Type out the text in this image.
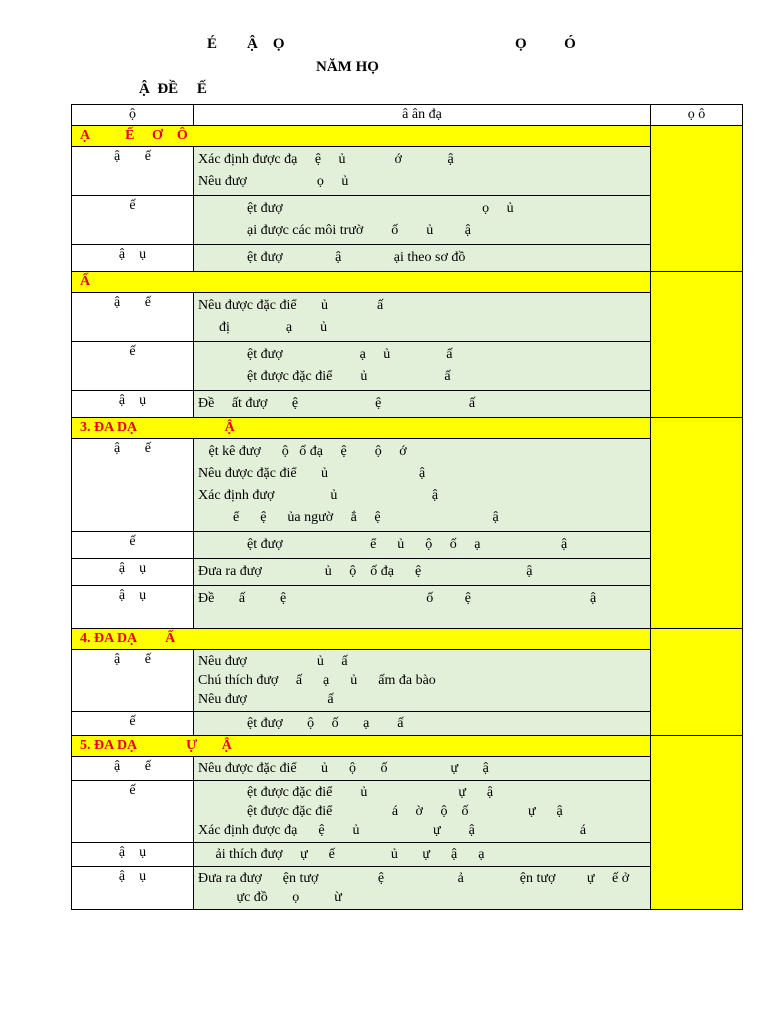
É        Ậ    Ọ	Ọ          Ó
NĂM HỌ
Ậ  ĐỀ     Ế
ộ	â ân đạ	ọ ô
Ạ          Ế     Ơ    Ô		
ậ       ế	Xác định được đạ     ệ     ủ              ớ             ậ
Nêu đượ                    ọ     ủ	

ế	ệt đượ                                                         ọ     ủ
ại được các môi trườ        ố        ủ         ậ	

ậ    ụ	ệt đượ               ậ               ại theo sơ đồ	

Ấ		
ậ       ế	Nêu được đặc điể       ủ              ấ
đị                ạ        ủ	

ế	ệt đượ                      ạ     ủ                ấ
ệt được đặc điể        ủ                      ấ	

ậ    ụ	Đề     ất đượ       ệ                      ệ                         ấ	

3. ĐA DẠ                         Ậ		
ậ       ế	ệt kê đượ      ộ   ố đạ     ệ        ộ     ớ
Nêu được đặc điể       ủ                          ậ
Xác định đượ                ủ                           ậ
ể      ệ      ủa ngườ     ắ     ệ                                ậ	

ế	ệt đượ                         ể      ủ      ộ     ố     ạ                       ậ	

ậ    ụ	Đưa ra đượ                  ủ     ộ    ố đạ      ệ                              ậ	

ậ    ụ	Đề       ấ          ệ                                        ố         ệ                                  ậ	

4. ĐA DẠ        Ấ		
ậ       ế	Nêu đượ                    ủ     ấ
Chú thích đượ     ấ      ạ      ủ      ấm đa bào
Nêu đượ                       ấ	

ế	ệt đượ       ộ     ố       ạ        ấ	

5. ĐA DẠ              Ự       Ậ		
ậ       ế	Nêu được đặc điể       ủ      ộ       ố                  ự       ậ	

ế	ệt được đặc điể        ủ                          ự      ậ
ệt được đặc điể                 á     ờ     ộ    ố                 ự      ậ
Xác định được đạ      ệ        ủ                     ự        ậ                              á	

ậ    ụ	ải thích đượ     ự      ế                ủ       ự      ậ      ạ	

ậ    ụ	Đưa ra đượ      ện tượ                 ệ                     ả                ện tượ         ự     ế ở
ực đồ       ọ          ừ	
